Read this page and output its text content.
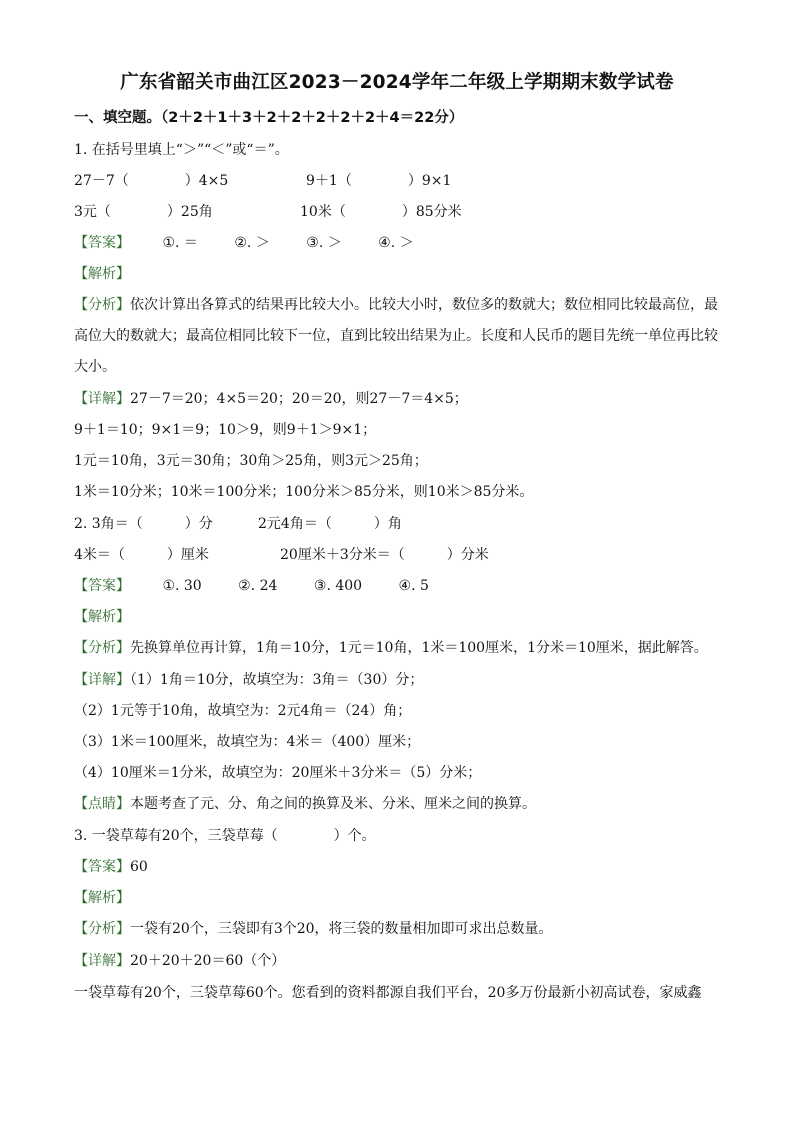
广东省韶关市曲江区2023－2024学年二年级上学期期末数学试卷
一、填空题。（2＋2＋1＋3＋2＋2＋2＋2＋2＋4＝22分）
1. 在括号里填上“＞”“＜”或“＝”。
27－7（　　　　）4×5	9＋1（　　　　）9×1
3元（　　　　）25角	10米（　　　　）85分米
【答案】 ①. ＝	②. ＞	③. ＞	④. ＞
【解析】
【分析】依次计算出各算式的结果再比较大小。比较大小时，数位多的数就大；数位相同比较最高位，最
高位大的数就大；最高位相同比较下一位，直到比较出结果为止。长度和人民币的题目先统一单位再比较
大小。
【详解】27－7＝20；4×5＝20；20＝20，则27－7＝4×5；
9＋1＝10；9×1＝9；10＞9，则9＋1＞9×1；
1元＝10角，3元＝30角；30角＞25角，则3元＞25角；
1米＝10分米；10米＝100分米；100分米＞85分米，则10米＞85分米。
2. 3角＝（　　　）分	2元4角＝（　　　）角
4米＝（　　　）厘米	20厘米＋3分米＝（　　　）分米
【答案】 ①. 30	②. 24	③. 400	④. 5
【解析】
【分析】先换算单位再计算，1角＝10分，1元＝10角，1米＝100厘米，1分米＝10厘米，据此解答。
【详解】（1）1角＝10分，故填空为：3角＝（30）分；
（2）1元等于10角，故填空为：2元4角＝（24）角；
（3）1米＝100厘米，故填空为：4米＝（400）厘米；
（4）10厘米＝1分米，故填空为：20厘米＋3分米＝（5）分米；
【点睛】本题考查了元、分、角之间的换算及米、分米、厘米之间的换算。
3. 一袋草莓有20个，三袋草莓（　　　　）个。
【答案】60
【解析】
【分析】一袋有20个，三袋即有3个20，将三袋的数量相加即可求出总数量。
【详解】20＋20＋20＝60（个）
一袋草莓有20个，三袋草莓60个。您看到的资料都源自我们平台，20多万份最新小初高试卷，家威鑫
